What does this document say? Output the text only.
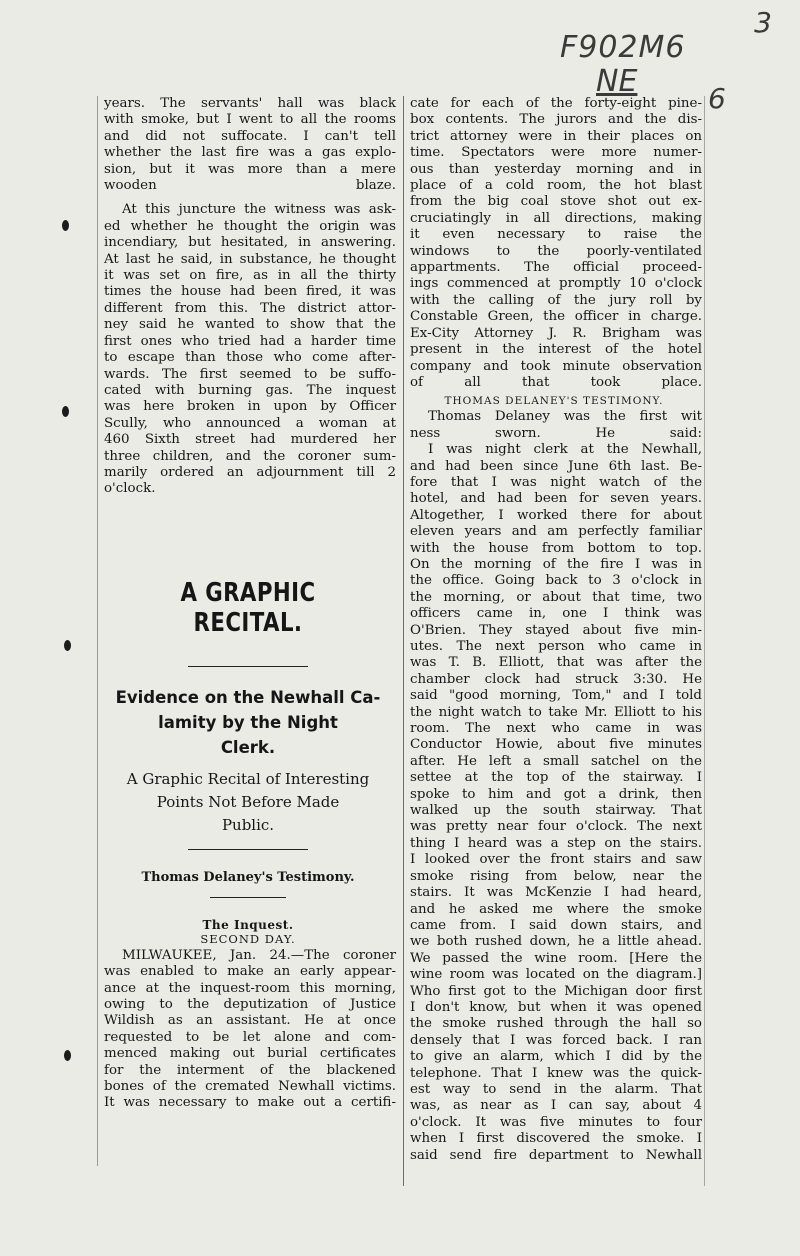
3
F902M6
NE	6
years. The servants' hall was black
with smoke, but I went to all the rooms
and did not suffocate. I can't tell
whether the last fire was a gas explo-
sion, but it was more than a mere
wooden blaze.
At this juncture the witness was ask-
ed whether he thought the origin was
incendiary, but hesitated, in answering.
At last he said, in substance, he thought
it was set on fire, as in all the thirty
times the house had been fired, it was
different from this. The district attor-
ney said he wanted to show that the
first ones who tried had a harder time
to escape than those who come after-
wards. The first seemed to be suffo-
cated with burning gas. The inquest
was here broken in upon by Officer
Scully, who announced a woman at
460 Sixth street had murdered her
three children, and the coroner sum-
marily ordered an adjournment till 2
o'clock.

A GRAPHIC RECITAL.

Evidence on the Newhall Ca-
lamity by the Night
Clerk.
A Graphic Recital of Interesting
Points Not Before Made
Public.

Thomas Delaney's Testimony.

The Inquest.

SECOND DAY.

MILWAUKEE, Jan. 24.—The coroner
was enabled to make an early appear-
ance at the inquest-room this morning,
owing to the deputization of Justice
Wildish as an assistant. He at once
requested to be let alone and com-
menced making out burial certificates
for the interment of the blackened
bones of the cremated Newhall victims.
It was necessary to make out a certifi-
cate for each of the forty-eight pine-
box contents. The jurors and the dis-
trict attorney were in their places on
time. Spectators were more numer-
ous than yesterday morning and in
place of a cold room, the hot blast
from the big coal stove shot out ex-
cruciatingly in all directions, making
it even necessary to raise the
windows to the poorly-ventilated
appartments. The official proceed-
ings commenced at promptly 10 o'clock
with the calling of the jury roll by
Constable Green, the officer in charge.
Ex-City Attorney J. R. Brigham was
present in the interest of the hotel
company and took minute observation
of all that took place.

THOMAS DELANEY'S TESTIMONY.

Thomas Delaney was the first wit
ness sworn. He said:
I was night clerk at the Newhall,
and had been since June 6th last. Be-
fore that I was night watch of the
hotel, and had been for seven years.
Altogether, I worked there for about
eleven years and am perfectly familiar
with the house from bottom to top.
On the morning of the fire I was in
the office. Going back to 3 o'clock in
the morning, or about that time, two
officers came in, one I think was
O'Brien. They stayed about five min-
utes. The next person who came in
was T. B. Elliott, that was after the
chamber clock had struck 3:30. He
said "good morning, Tom," and I told
the night watch to take Mr. Elliott to his
room. The next who came in was
Conductor Howie, about five minutes
after. He left a small satchel on the
settee at the top of the stairway. I
spoke to him and got a drink, then
walked up the south stairway. That
was pretty near four o'clock. The next
thing I heard was a step on the stairs.
I looked over the front stairs and saw
smoke rising from below, near the
stairs. It was McKenzie I had heard,
and he asked me where the smoke
came from. I said down stairs, and
we both rushed down, he a little ahead.
We passed the wine room. [Here the
wine room was located on the diagram.]
Who first got to the Michigan door first
I don't know, but when it was opened
the smoke rushed through the hall so
densely that I was forced back. I ran
to give an alarm, which I did by the
telephone. That I knew was the quick-
est way to send in the alarm. That
was, as near as I can say, about 4
o'clock. It was five minutes to four
when I first discovered the smoke. I
said send fire department to Newhall
